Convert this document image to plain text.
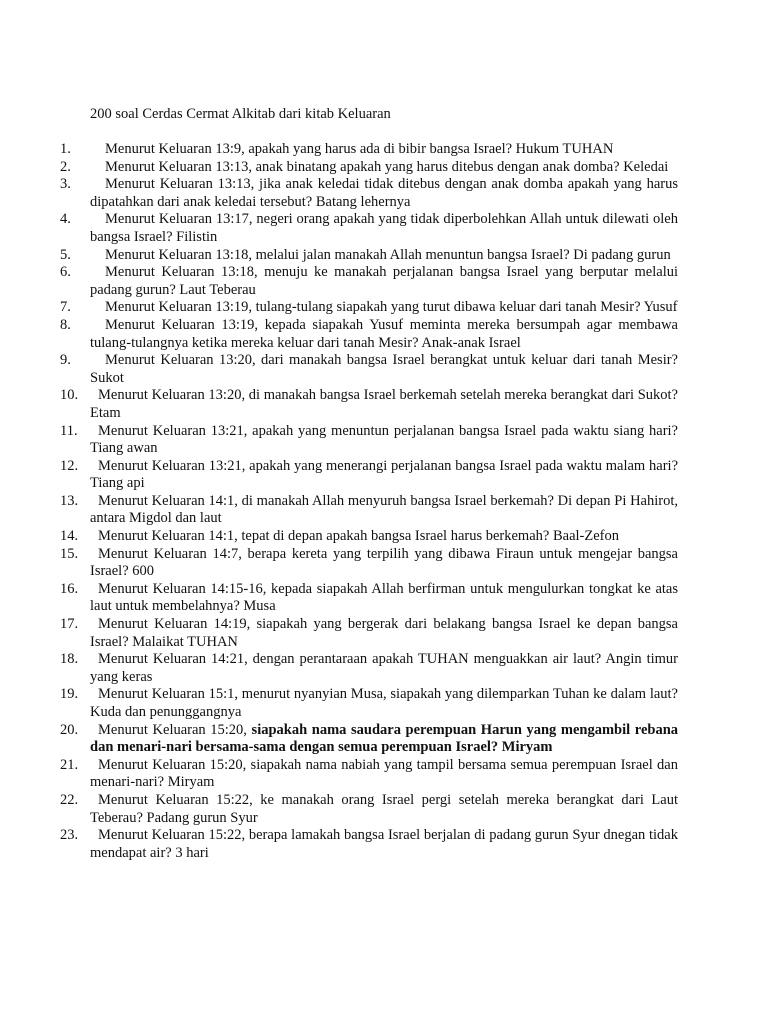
200 soal Cerdas Cermat Alkitab dari kitab Keluaran
1.	Menurut Keluaran 13:9, apakah yang harus ada di bibir bangsa Israel? Hukum TUHAN
2.	Menurut Keluaran 13:13, anak binatang apakah yang harus ditebus dengan anak domba? Keledai
3.	Menurut Keluaran 13:13, jika anak keledai tidak ditebus dengan anak domba apakah yang harus dipatahkan dari anak keledai tersebut? Batang lehernya
4.	Menurut Keluaran 13:17, negeri orang apakah yang tidak diperbolehkan Allah untuk dilewati oleh bangsa Israel? Filistin
5.	Menurut Keluaran 13:18, melalui jalan manakah Allah menuntun bangsa Israel? Di padang gurun
6.	Menurut Keluaran 13:18, menuju ke manakah perjalanan bangsa Israel yang berputar melalui padang gurun? Laut Teberau
7.	Menurut Keluaran 13:19, tulang-tulang siapakah yang turut dibawa keluar dari tanah Mesir? Yusuf
8.	Menurut Keluaran 13:19, kepada siapakah Yusuf meminta mereka bersumpah agar membawa tulang-tulangnya ketika mereka keluar dari tanah Mesir? Anak-anak Israel
9.	Menurut Keluaran 13:20, dari manakah bangsa Israel berangkat untuk keluar dari tanah Mesir? Sukot
10.	Menurut Keluaran 13:20, di manakah bangsa Israel berkemah setelah mereka berangkat dari Sukot? Etam
11.	Menurut Keluaran 13:21, apakah yang menuntun perjalanan bangsa Israel pada waktu siang hari? Tiang awan
12.	Menurut Keluaran 13:21, apakah yang menerangi perjalanan bangsa Israel pada waktu malam hari? Tiang api
13.	Menurut Keluaran 14:1, di manakah Allah menyuruh bangsa Israel berkemah? Di depan Pi Hahirot, antara Migdol dan laut
14.	Menurut Keluaran 14:1, tepat di depan apakah bangsa Israel harus berkemah? Baal-Zefon
15.	Menurut Keluaran 14:7, berapa kereta yang terpilih yang dibawa Firaun untuk mengejar bangsa Israel? 600
16.	Menurut Keluaran 14:15-16, kepada siapakah Allah berfirman untuk mengulurkan tongkat ke atas laut untuk membelahnya? Musa
17.	Menurut Keluaran 14:19, siapakah yang bergerak dari belakang bangsa Israel ke depan bangsa Israel? Malaikat TUHAN
18.	Menurut Keluaran 14:21, dengan perantaraan apakah TUHAN menguakkan air laut? Angin timur yang keras
19.	Menurut Keluaran 15:1, menurut nyanyian Musa, siapakah yang dilemparkan Tuhan ke dalam laut? Kuda dan penunggangnya
20.	Menurut Keluaran 15:20, siapakah nama saudara perempuan Harun yang mengambil rebana dan menari-nari bersama-sama dengan semua perempuan Israel? Miryam
21.	Menurut Keluaran 15:20, siapakah nama nabiah yang tampil bersama semua perempuan Israel dan menari-nari? Miryam
22.	Menurut Keluaran 15:22, ke manakah orang Israel pergi setelah mereka berangkat dari Laut Teberau? Padang gurun Syur
23.	Menurut Keluaran 15:22, berapa lamakah bangsa Israel berjalan di padang gurun Syur dnegan tidak mendapat air? 3 hari
